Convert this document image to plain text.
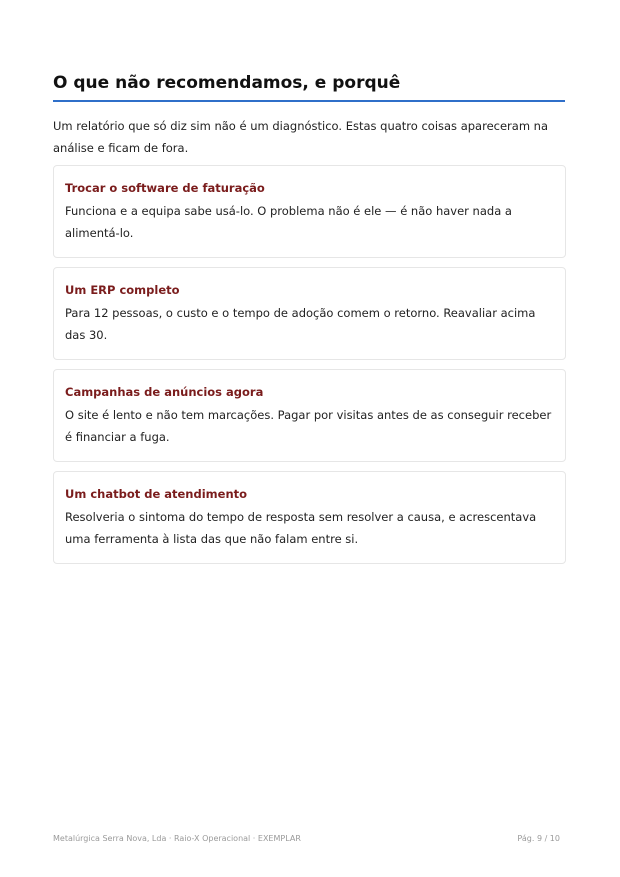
O que não recomendamos, e porquê

Um relatório que só diz sim não é um diagnóstico. Estas quatro coisas apareceram na análise e ficam de fora.

Trocar o software de faturação

Funciona e a equipa sabe usá-lo. O problema não é ele — é não haver nada a alimentá-lo.

Um ERP completo

Para 12 pessoas, o custo e o tempo de adoção comem o retorno. Reavaliar acima das 30.

Campanhas de anúncios agora

O site é lento e não tem marcações. Pagar por visitas antes de as conseguir receber é financiar a fuga.

Um chatbot de atendimento

Resolveria o sintoma do tempo de resposta sem resolver a causa, e acrescentava uma ferramenta à lista das que não falam entre si.

Metalúrgica Serra Nova, Lda · Raio-X Operacional · EXEMPLAR	Pág. 9 / 10
